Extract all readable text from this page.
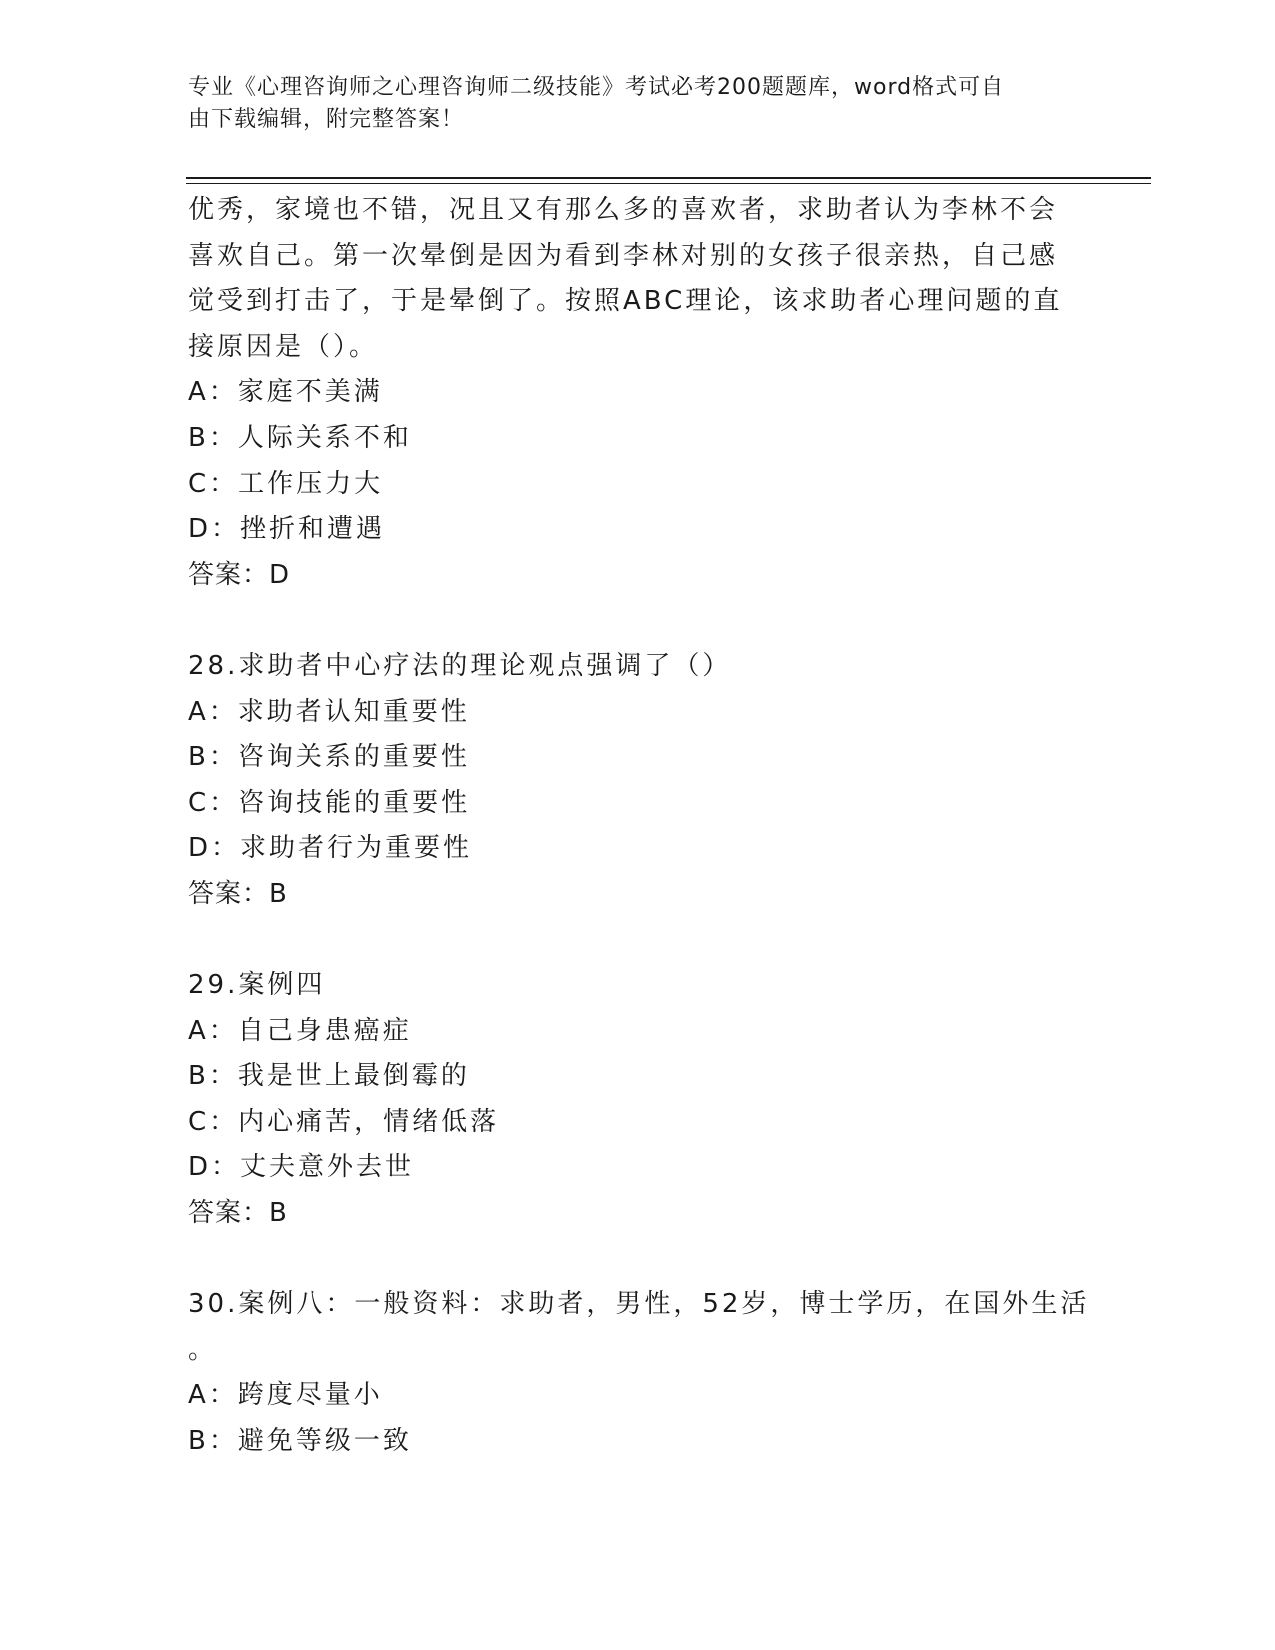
专业《心理咨询师之心理咨询师二级技能》考试必考200题题库，word格式可自
由下载编辑，附完整答案！
优秀，家境也不错，况且又有那么多的喜欢者，求助者认为李林不会
喜欢自己。第一次晕倒是因为看到李林对别的女孩子很亲热，自己感
觉受到打击了，于是晕倒了。按照ABC理论，该求助者心理问题的直
接原因是（）。
A：家庭不美满
B：人际关系不和
C：工作压力大
D：挫折和遭遇
答案：D
28.求助者中心疗法的理论观点强调了（）
A：求助者认知重要性
B：咨询关系的重要性
C：咨询技能的重要性
D：求助者行为重要性
答案：B
29.案例四
A：自己身患癌症
B：我是世上最倒霉的
C：内心痛苦，情绪低落
D：丈夫意外去世
答案：B
30.案例八：一般资料：求助者，男性，52岁，博士学历，在国外生活
。
A：跨度尽量小
B：避免等级一致
